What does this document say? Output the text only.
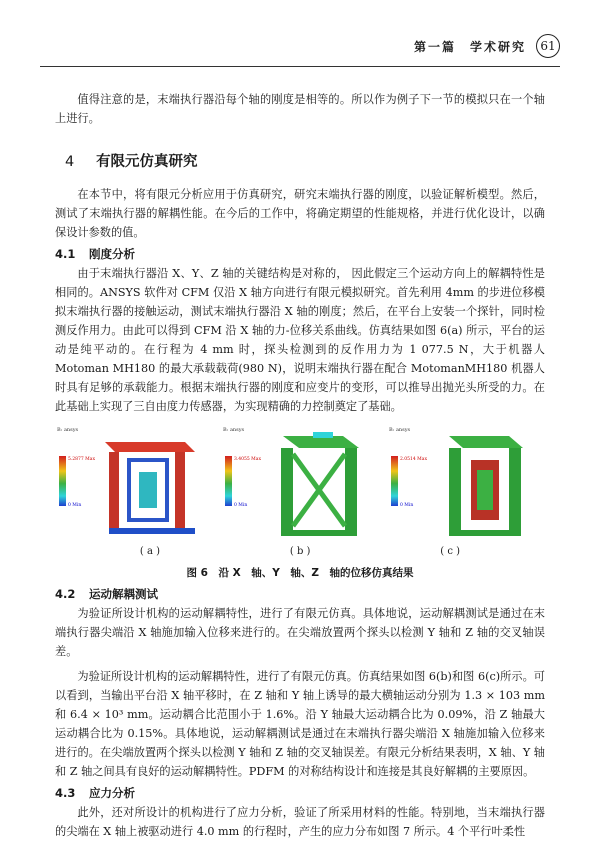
第一篇　学术研究	61

值得注意的是，末端执行器沿每个轴的刚度是相等的。所以作为例子下一节的模拟只在一个轴上进行。

4 有限元仿真研究

在本节中，将有限元分析应用于仿真研究，研究末端执行器的刚度，以验证解析模型。然后，测试了末端执行器的解耦性能。在今后的工作中，将确定期望的性能规格，并进行优化设计，以确保设计参数的值。

4.1 刚度分析

由于末端执行器沿 X、Y、Z 轴的关键结构是对称的， 因此假定三个运动方向上的解耦特性是相同的。ANSYS 软件对 CFM 仅沿 X 轴方向进行有限元模拟研究。首先利用 4mm 的步进位移模拟末端执行器的接触运动，测试末端执行器沿 X 轴的刚度；然后，在平台上安装一个探针，同时检测反作用力。由此可以得到 CFM 沿 X 轴的力-位移关系曲线。仿真结果如图 6(a) 所示，平台的运动是纯平动的。在行程为 4 mm 时，探头检测到的反作用力为 1 077.5 N，大于机器人 Motoman MH180 的最大承载载荷(980 N)，说明末端执行器在配合 MotomanMH180 机器人时具有足够的承载能力。根据末端执行器的刚度和应变片的变形，可以推导出抛光头所受的力。在此基础上实现了三自由度力传感器，为实现精确的力控制奠定了基础。

B: ansys
5.2877 Max
0 Min
B: ansys
3.4055 Max
0 Min
B: ansys
2.0514 Max
0 Min
( a )	( b )	( c )
图 6　沿 X　轴、Y　轴、Z　轴的位移仿真结果
4.2 运动解耦测试

为验证所设计机构的运动解耦特性，进行了有限元仿真。具体地说，运动解耦测试是通过在末端执行器尖端沿 X 轴施加输入位移来进行的。在尖端放置两个探头以检测 Y 轴和 Z 轴的交叉轴误差。

为验证所设计机构的运动解耦特性，进行了有限元仿真。仿真结果如图 6(b)和图 6(c)所示。可以看到，当输出平台沿 X 轴平移时，在 Z 轴和 Y 轴上诱导的最大横轴运动分别为 1.3 × 103 mm 和 6.4 × 10³ mm。运动耦合比范围小于 1.6%。沿 Y 轴最大运动耦合比为 0.09%，沿 Z 轴最大运动耦合比为 0.15%。具体地说，运动解耦测试是通过在末端执行器尖端沿 X 轴施加输入位移来进行的。在尖端放置两个探头以检测 Y 轴和 Z 轴的交叉轴误差。有限元分析结果表明，X 轴、Y 轴和 Z 轴之间具有良好的运动解耦特性。PDFM 的对称结构设计和连接是其良好解耦的主要原因。

4.3 应力分析

此外，还对所设计的机构进行了应力分析，验证了所采用材料的性能。特别地，当末端执行器的尖端在 X 轴上被驱动进行 4.0 mm 的行程时，产生的应力分布如图 7 所示。4 个平行叶柔性
